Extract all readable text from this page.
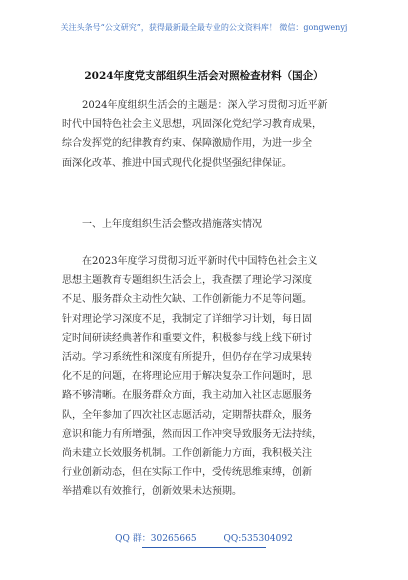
关注头条号“公文研究”，获得最新最全最专业的公文资料库！ 微信：gongwenyj
2024年度党支部组织生活会对照检查材料（国企）
2024年度组织生活会的主题是：深入学习贯彻习近平新
时代中国特色社会主义思想，巩固深化党纪学习教育成果，
综合发挥党的纪律教育约束、保障激励作用，为进一步全
面深化改革、推进中国式现代化提供坚强纪律保证。
一、上年度组织生活会整改措施落实情况
在2023年度学习贯彻习近平新时代中国特色社会主义
思想主题教育专题组织生活会上，我查摆了理论学习深度
不足、服务群众主动性欠缺、工作创新能力不足等问题。
针对理论学习深度不足，我制定了详细学习计划，每日固
定时间研读经典著作和重要文件，积极参与线上线下研讨
活动。学习系统性和深度有所提升，但仍存在学习成果转
化不足的问题，在将理论应用于解决复杂工作问题时，思
路不够清晰。在服务群众方面，我主动加入社区志愿服务
队，全年参加了四次社区志愿活动，定期帮扶群众，服务
意识和能力有所增强，然而因工作冲突导致服务无法持续，
尚未建立长效服务机制。工作创新能力方面，我积极关注
行业创新动态，但在实际工作中，受传统思维束缚，创新
举措难以有效推行，创新效果未达预期。
QQ 群：30265665	QQ:535304092
